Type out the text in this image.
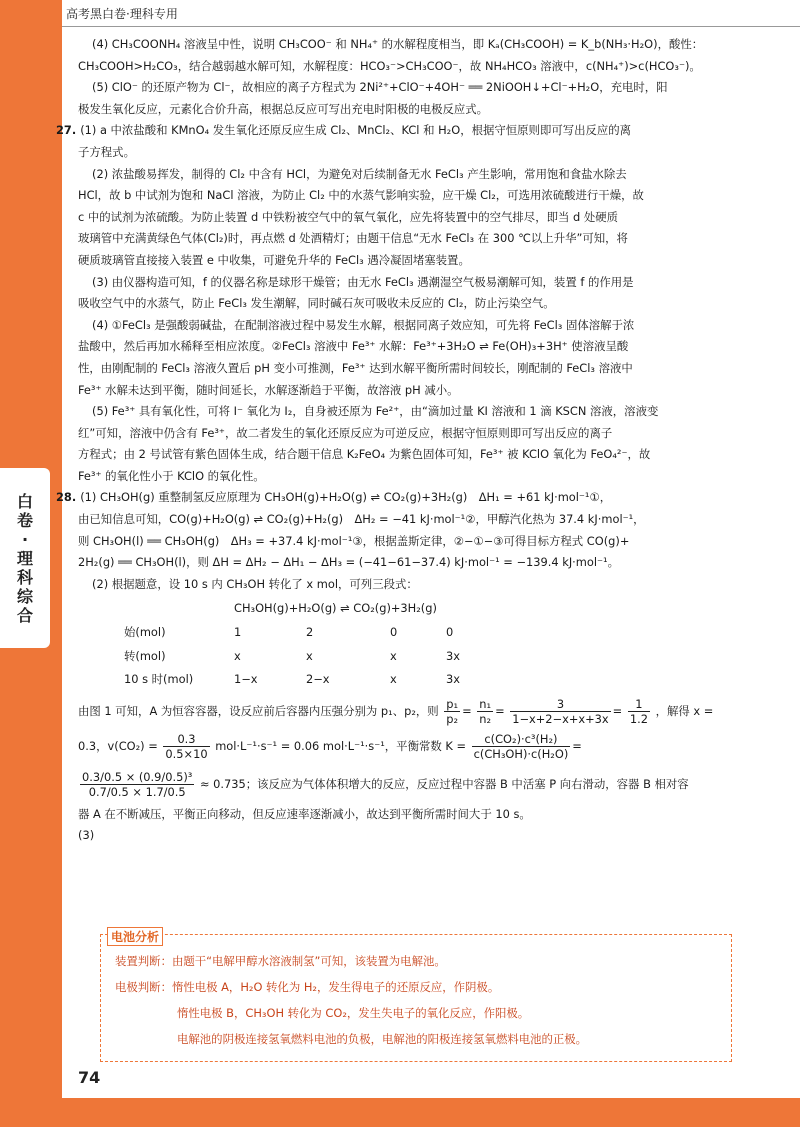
白
卷
·
理
科
综
合
高考黑白卷·理科专用

(4) CH₃COONH₄ 溶液呈中性，说明 CH₃COO⁻ 和 NH₄⁺ 的水解程度相当，即 Kₐ(CH₃COOH) = K_b(NH₃·H₂O)，酸性：

CH₃COOH>H₂CO₃，结合越弱越水解可知，水解程度：HCO₃⁻>CH₃COO⁻，故 NH₄HCO₃ 溶液中，c(NH₄⁺)>c(HCO₃⁻)。

(5) ClO⁻ 的还原产物为 Cl⁻，故相应的离子方程式为 2Ni²⁺+ClO⁻+4OH⁻ ══ 2NiOOH↓+Cl⁻+H₂O，充电时，阳

极发生氧化反应，元素化合价升高，根据总反应可写出充电时阳极的电极反应式。

27. (1) a 中浓盐酸和 KMnO₄ 发生氧化还原反应生成 Cl₂、MnCl₂、KCl 和 H₂O，根据守恒原则即可写出反应的离

子方程式。

(2) 浓盐酸易挥发，制得的 Cl₂ 中含有 HCl，为避免对后续制备无水 FeCl₃ 产生影响，常用饱和食盐水除去

HCl，故 b 中试剂为饱和 NaCl 溶液，为防止 Cl₂ 中的水蒸气影响实验，应干燥 Cl₂，可选用浓硫酸进行干燥，故

c 中的试剂为浓硫酸。为防止装置 d 中铁粉被空气中的氧气氧化，应先将装置中的空气排尽，即当 d 处硬质

玻璃管中充满黄绿色气体(Cl₂)时，再点燃 d 处酒精灯；由题干信息“无水 FeCl₃ 在 300 ℃以上升华”可知，将

硬质玻璃管直接接入装置 e 中收集，可避免升华的 FeCl₃ 遇冷凝固堵塞装置。

(3) 由仪器构造可知，f 的仪器名称是球形干燥管；由无水 FeCl₃ 遇潮湿空气极易潮解可知，装置 f 的作用是

吸收空气中的水蒸气，防止 FeCl₃ 发生潮解，同时碱石灰可吸收未反应的 Cl₂，防止污染空气。

(4) ①FeCl₃ 是强酸弱碱盐，在配制溶液过程中易发生水解，根据同离子效应知，可先将 FeCl₃ 固体溶解于浓

盐酸中，然后再加水稀释至相应浓度。②FeCl₃ 溶液中 Fe³⁺ 水解：Fe³⁺+3H₂O ⇌ Fe(OH)₃+3H⁺ 使溶液呈酸

性，由刚配制的 FeCl₃ 溶液久置后 pH 变小可推测，Fe³⁺ 达到水解平衡所需时间较长，刚配制的 FeCl₃ 溶液中

Fe³⁺ 水解未达到平衡，随时间延长，水解逐渐趋于平衡，故溶液 pH 减小。

(5) Fe³⁺ 具有氧化性，可将 I⁻ 氧化为 I₂，自身被还原为 Fe²⁺，由“滴加过量 KI 溶液和 1 滴 KSCN 溶液，溶液变

红”可知，溶液中仍含有 Fe³⁺，故二者发生的氧化还原反应为可逆反应，根据守恒原则即可写出反应的离子

方程式；由 2 号试管有紫色固体生成，结合题干信息 K₂FeO₄ 为紫色固体可知，Fe³⁺ 被 KClO 氧化为 FeO₄²⁻，故

Fe³⁺ 的氧化性小于 KClO 的氧化性。

28. (1) CH₃OH(g) 重整制氢反应原理为 CH₃OH(g)+H₂O(g) ⇌ CO₂(g)+3H₂(g)　ΔH₁ = +61 kJ·mol⁻¹①，

由已知信息可知，CO(g)+H₂O(g) ⇌ CO₂(g)+H₂(g)　ΔH₂ = −41 kJ·mol⁻¹②，甲醇汽化热为 37.4 kJ·mol⁻¹，

则 CH₃OH(l) ══ CH₃OH(g)　ΔH₃ = +37.4 kJ·mol⁻¹③，根据盖斯定律，②−①−③可得目标方程式 CO(g)+

2H₂(g) ══ CH₃OH(l)，则 ΔH = ΔH₂ − ΔH₁ − ΔH₃ = (−41−61−37.4) kJ·mol⁻¹ = −139.4 kJ·mol⁻¹。

(2) 根据题意，设 10 s 内 CH₃OH 转化了 x mol，可列三段式：

	CH₃OH(g)+H₂O(g) ⇌ CO₂(g)+3H₂(g)			
始(mol)	1	2	0	0
转(mol)	x	x	x	3x
10 s 时(mol)	1−x	2−x	x	3x

由图 1 可知，A 为恒容容器，设反应前后容器内压强分别为 p₁、p₂，则 $\frac{\text{p₁}}{\text{p₂}} = \frac{\text{n₁}}{\text{n₂}} = \frac{3}{1-x+2-x+x+3x} = \frac{1}{1.2}$ ，解得 x =

0.3，$v(CO_2) = \frac{0.3}{0.5\times 10} mol\cdot L^{-1}\cdot s^{-1} = 0.06$ mol·L⁻¹·s⁻¹，平衡常数 $K = \frac{\text{c(CO₂)·c³(H₂)}}{\text{c(CH₃OH)·c(H₂O)}}$ =

$\frac{\text{0.3/0.5 × (0.9/0.5)³}}{0.7/0.5 \times 1.7/0.5} \approx 0.735$；该反应为气体体积增大的反应，反应过程中容器 B 中活塞 P 向右滑动，容器 B 相对容

器 A 在不断减压，平衡正向移动，但反应速率逐渐减小，故达到平衡所需时间大于 10 s。

(3)

电池分析
装置判断：由题干“电解甲醇水溶液制氢”可知，该装置为电解池。
电极判断：惰性电极 A，H₂O 转化为 H₂，发生得电子的还原反应，作阴极。
惰性电极 B，CH₃OH 转化为 CO₂，发生失电子的氧化反应，作阳极。
电解池的阴极连接氢氧燃料电池的负极，电解池的阳极连接氢氧燃料电池的正极。
74
